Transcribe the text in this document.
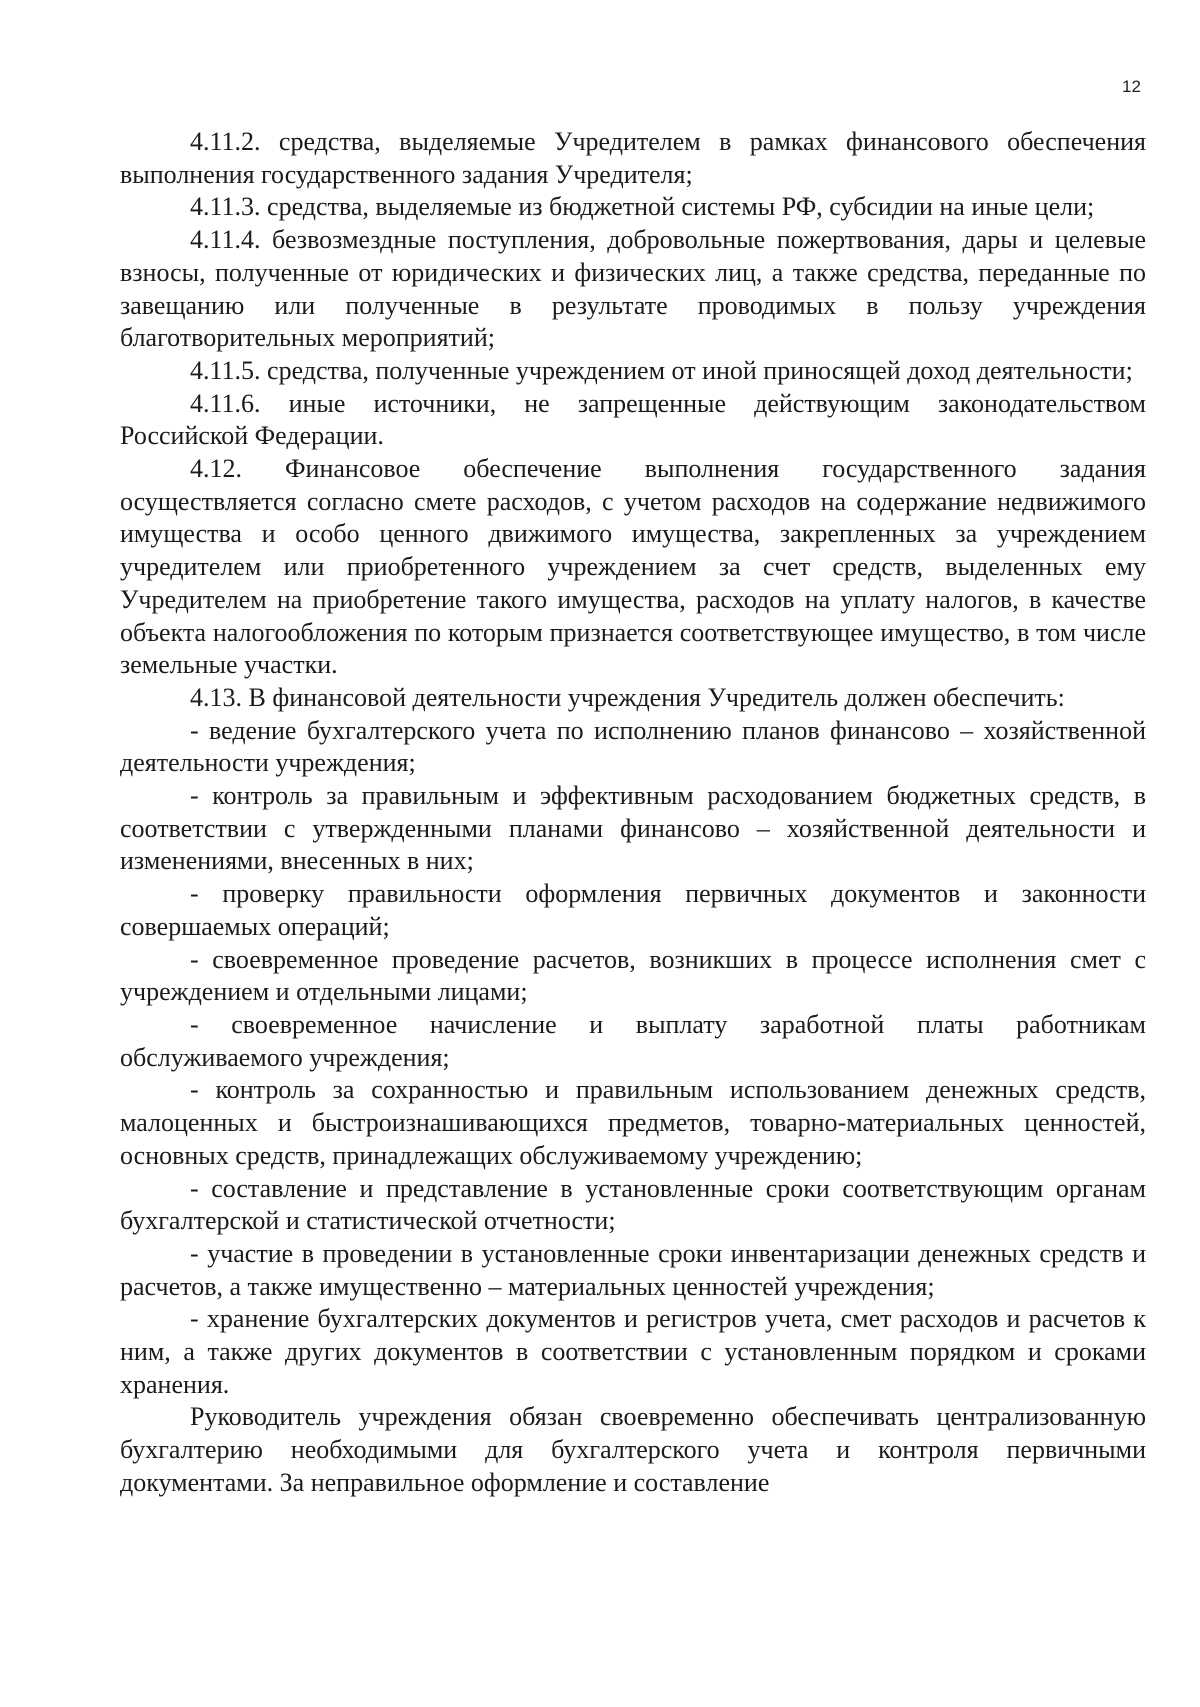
12

4.11.2. средства, выделяемые Учредителем в рамках финансового обеспечения выполнения государственного задания Учредителя;

4.11.3. средства, выделяемые из бюджетной системы РФ, субсидии на иные цели;

4.11.4. безвозмездные поступления, добровольные пожертвования, дары и целевые взносы, полученные от юридических и физических лиц, а также средства, переданные по завещанию или полученные в результате проводимых в пользу учреждения благотворительных мероприятий;

4.11.5. средства, полученные учреждением от иной приносящей доход деятельности;

4.11.6. иные источники, не запрещенные действующим законодательством Российской Федерации.

4.12. Финансовое обеспечение выполнения государственного задания осуществляется согласно смете расходов, с учетом расходов на содержание недвижимого имущества и особо ценного движимого имущества, закрепленных за учреждением учредителем или приобретенного учреждением за счет средств, выделенных ему Учредителем на приобретение такого имущества, расходов на уплату налогов, в качестве объекта налогообложения по которым признается соответствующее имущество, в том числе земельные участки.

4.13. В финансовой деятельности учреждения Учредитель должен обеспечить:

- ведение бухгалтерского учета по исполнению планов финансово – хозяйственной деятельности учреждения;

- контроль за правильным и эффективным расходованием бюджетных средств, в соответствии с утвержденными планами финансово – хозяйственной деятельности и изменениями, внесенных в них;

- проверку правильности оформления первичных документов и законности совершаемых операций;

- своевременное проведение расчетов, возникших в процессе исполнения смет с учреждением и отдельными лицами;

- своевременное начисление и выплату заработной платы работникам обслуживаемого учреждения;

- контроль за сохранностью и правильным использованием денежных средств, малоценных и быстроизнашивающихся предметов, товарно-материальных ценностей, основных средств, принадлежащих обслуживаемому учреждению;

- составление и представление в установленные сроки соответствующим органам бухгалтерской и статистической отчетности;

- участие в проведении в установленные сроки инвентаризации денежных средств и расчетов, а также имущественно – материальных ценностей учреждения;

- хранение бухгалтерских документов и регистров учета, смет расходов и расчетов к ним, а также других документов в соответствии с установленным порядком и сроками хранения.

Руководитель учреждения обязан своевременно обеспечивать централизованную бухгалтерию необходимыми для бухгалтерского учета и контроля первичными документами. За неправильное оформление и составление
